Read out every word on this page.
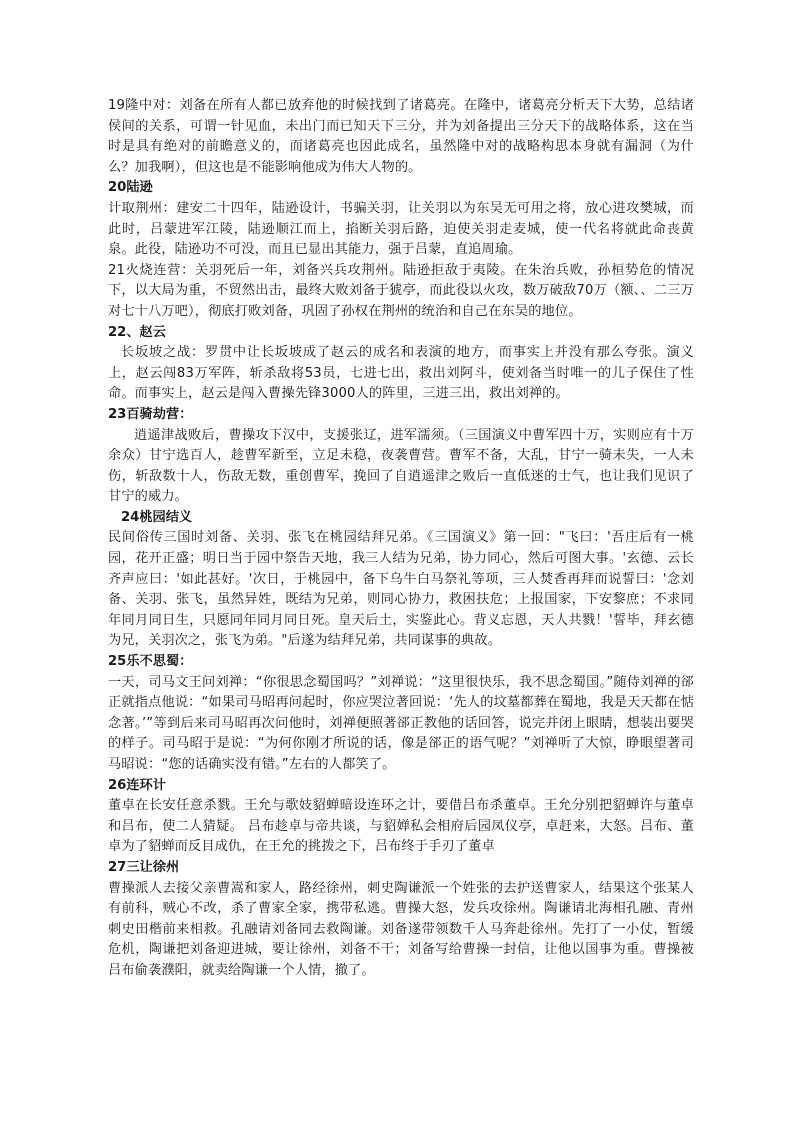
19隆中对：刘备在所有人都已放弃他的时候找到了诸葛亮。在隆中，诸葛亮分析天下大势，总结诸侯间的关系，可谓一针见血，未出门而已知天下三分，并为刘备提出三分天下的战略体系，这在当时是具有绝对的前瞻意义的，而诸葛亮也因此成名，虽然隆中对的战略构思本身就有漏洞（为什么？加我啊），但这也是不能影响他成为伟大人物的。

20陆逊

计取荆州：建安二十四年，陆逊设计，书骗关羽，让关羽以为东吴无可用之将，放心进攻樊城，而此时，吕蒙进军江陵，陆逊顺江而上，掐断关羽后路，迫使关羽走麦城，使一代名将就此命丧黄泉。此役，陆逊功不可没，而且已显出其能力，强于吕蒙，直追周瑜。

21火烧连营：关羽死后一年，刘备兴兵攻荆州。陆逊拒敌于夷陵。在朱治兵败，孙桓势危的情况下，以大局为重，不贸然出击，最终大败刘备于猇亭，而此役以火攻，数万破敌70万（额、、二三万对七十八万吧），彻底打败刘备，巩固了孙权在荆州的统治和自己在东吴的地位。

22、赵云

长坂坡之战：罗贯中让长坂坡成了赵云的成名和表演的地方，而事实上并没有那么夸张。演义上，赵云闯83万军阵，斩杀敌将53员，七进七出，救出刘阿斗，使刘备当时唯一的儿子保住了性命。而事实上，赵云是闯入曹操先锋3000人的阵里，三进三出，救出刘禅的。

23百骑劫营：

逍遥津战败后，曹操攻下汉中，支援张辽，进军濡须。（三国演义中曹军四十万，实则应有十万余众）甘宁选百人，趁曹军新至，立足未稳，夜袭曹营。曹军不备，大乱，甘宁一骑未失，一人未伤，斩敌数十人，伤敌无数，重创曹军，挽回了自逍遥津之败后一直低迷的士气，也让我们见识了甘宁的威力。

24桃园结义

民间俗传三国时刘备、关羽、张飞在桃园结拜兄弟。《三国演义》第一回："飞曰：'吾庄后有一桃园，花开正盛；明日当于园中祭告天地，我三人结为兄弟，协力同心，然后可图大事。'玄德、云长齐声应曰：'如此甚好。'次日，于桃园中，备下乌牛白马祭礼等项，三人焚香再拜而说誓曰：'念刘备、关羽、张飞，虽然异姓，既结为兄弟，则同心协力，救困扶危；上报国家，下安黎庶；不求同年同月同日生，只愿同年同月同日死。皇天后土，实鉴此心。背义忘恩，天人共戮！'誓毕，拜玄德为兄，关羽次之，张飞为弟。"后遂为结拜兄弟，共同谋事的典故。

25乐不思蜀：

一天，司马文王问刘禅：“你很思念蜀国吗？”刘禅说：“这里很快乐，我不思念蜀国。”随侍刘禅的郤正就指点他说：“如果司马昭再问起时，你应哭泣著回说：‘先人的坟墓都葬在蜀地，我是天天都在惦念著。’”等到后来司马昭再次问他时，刘禅便照著郤正教他的话回答，说完并闭上眼睛，想装出要哭的样子。司马昭于是说：“为何你刚才所说的话，像是郤正的语气呢？”刘禅听了大惊，睁眼望著司马昭说：“您的话确实没有错。”左右的人都笑了。

26连环计

董卓在长安任意杀戮。王允与歌妓貂蝉暗设连环之计，要借吕布杀董卓。王允分别把貂蝉许与董卓和吕布，使二人猜疑。 吕布趁卓与帝共谈，与貂婵私会相府后园凤仪亭，卓赶来，大怒。吕布、董卓为了貂蝉而反目成仇，在王允的挑拨之下，吕布终于手刃了董卓

27三让徐州

曹操派人去接父亲曹嵩和家人，路经徐州，刺史陶谦派一个姓张的去护送曹家人，结果这个张某人有前科，贼心不改，杀了曹家全家，携带私逃。曹操大怒，发兵攻徐州。陶谦请北海相孔融、青州刺史田楷前来相救。孔融请刘备同去救陶谦。刘备遂带领数千人马奔赴徐州。先打了一小仗，暂缓危机，陶谦把刘备迎进城，要让徐州，刘备不干；刘备写给曹操一封信，让他以国事为重。曹操被吕布偷袭濮阳，就卖给陶谦一个人情，撤了。
